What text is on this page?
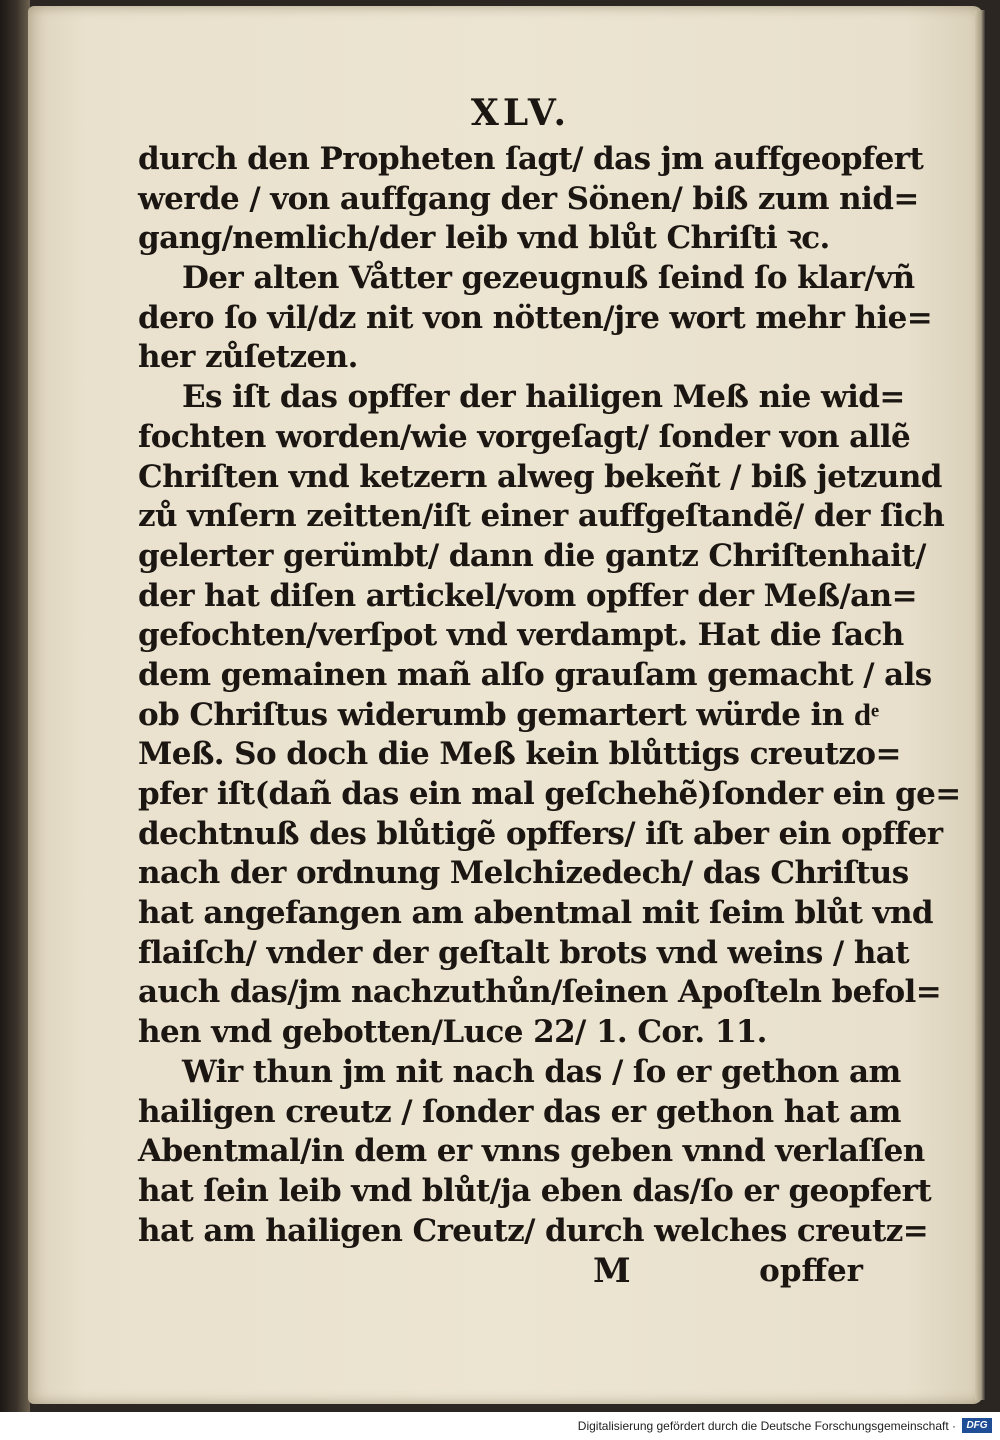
XLV.
durch den Propheten ſagt/ das jm auffgeopfert
werde / von auffgang der Sönen/ biß zum nid=
gang/nemlich/der leib vnd blůt Chriſti ꝛc.
Der alten Våtter gezeugnuß ſeind ſo klar/vñ
dero ſo vil/dz nit von nötten/jre wort mehr hie=
her zůſetzen.
Es iſt das opffer der hailigen Meß nie wid=
fochten worden/wie vorgeſagt/ ſonder von allẽ
Chriſten vnd ketzern alweg bekeñt / biß jetzund
zů vnſern zeitten/iſt einer auffgeſtandẽ/ der ſich
gelerter gerümbt/ dann die gantz Chriſtenhait/
der hat diſen artickel/vom opffer der Meß/an=
gefochten/verſpot vnd verdampt. Hat die ſach
dem gemainen mañ alſo grauſam gemacht / als
ob Chriſtus widerumb gemartert würde in dͤ
Meß. So doch die Meß kein blůttigs creutzo=
pfer iſt(dañ das ein mal geſchehẽ)ſonder ein ge=
dechtnuß des blůtigẽ opffers/ iſt aber ein opffer
nach der ordnung Melchizedech/ das Chriſtus
hat angefangen am abentmal mit ſeim blůt vnd
flaiſch/ vnder der geſtalt brots vnd weins / hat
auch das/jm nachzuthůn/ſeinen Apoſteln befol=
hen vnd gebotten/Luce 22/ 1. Cor. 11.
Wir thun jm nit nach das / ſo er gethon am
hailigen creutz / ſonder das er gethon hat am
Abentmal/in dem er vnns geben vnnd verlaſſen
hat ſein leib vnd blůt/ja eben das/ſo er geopfert
hat am hailigen Creutz/ durch welches creutz=
M	opffer
Digitalisierung gefördert durch die Deutsche Forschungsgemeinschaft ·	DFG
